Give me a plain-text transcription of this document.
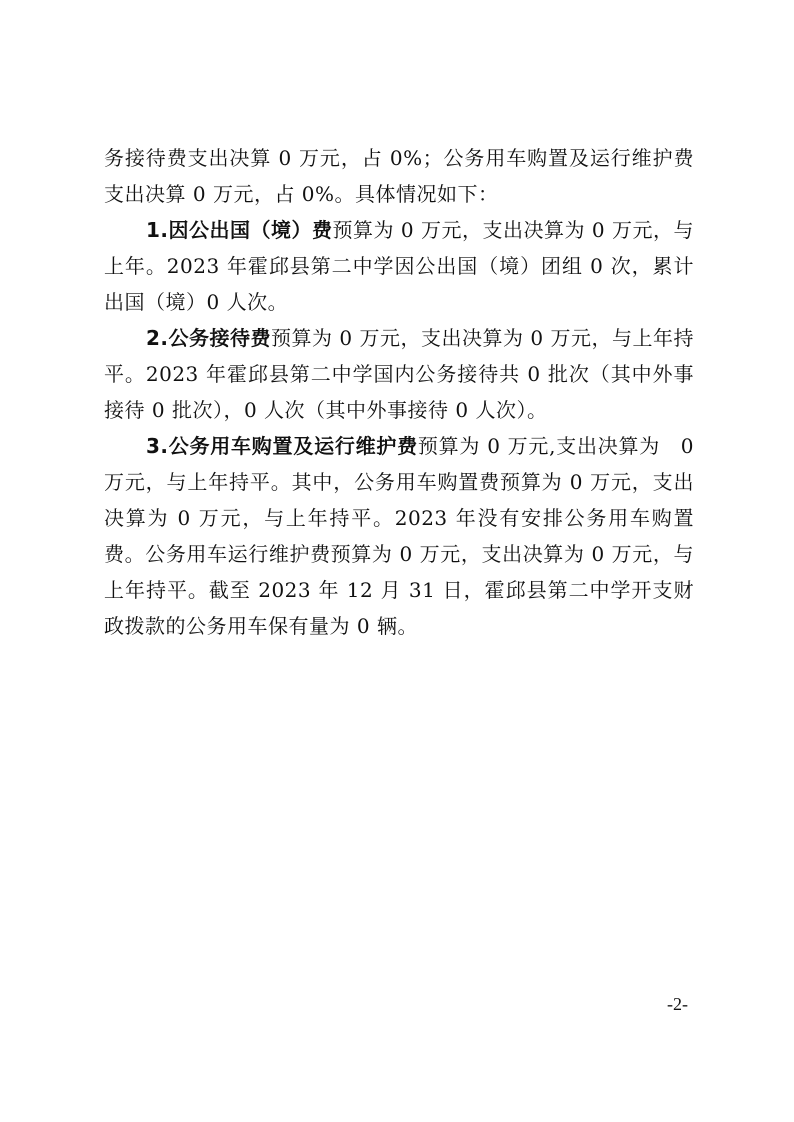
务接待费支出决算 0 万元，占 0%；公务用车购置及运行维护费支出决算 0 万元，占 0%。具体情况如下：

1.因公出国（境）费预算为 0 万元，支出决算为 0 万元，与上年。2023 年霍邱县第二中学因公出国（境）团组 0 次，累计出国（境）0 人次。

2.公务接待费预算为 0 万元，支出决算为 0 万元，与上年持平。2023 年霍邱县第二中学国内公务接待共 0 批次（其中外事接待 0 批次），0 人次（其中外事接待 0 人次）。

3.公务用车购置及运行维护费预算为 0 万元,支出决算为　0 万元，与上年持平。其中，公务用车购置费预算为 0 万元，支出决算为 0 万元，与上年持平。2023 年没有安排公务用车购置费。公务用车运行维护费预算为 0 万元，支出决算为 0 万元，与上年持平。截至 2023 年 12 月 31 日，霍邱县第二中学开支财政拨款的公务用车保有量为 0 辆。

-2-
